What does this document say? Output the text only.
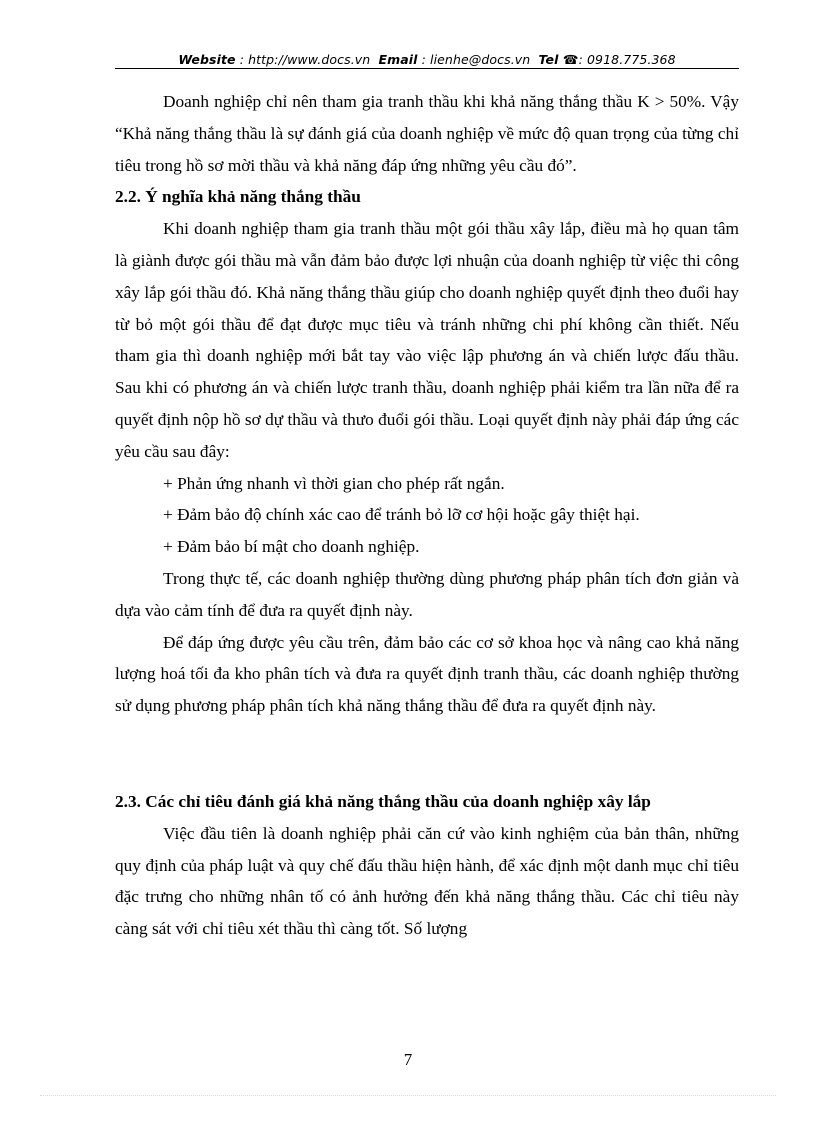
Website : http://www.docs.vn Email : lienhe@docs.vn Tel ☎: 0918.775.368

Doanh nghiệp chỉ nên tham gia tranh thầu khi khả năng thắng thầu K > 50%. Vậy “Khả năng thắng thầu là sự đánh giá của doanh nghiệp về mức độ quan trọng của từng chỉ tiêu trong hồ sơ mời thầu và khả năng đáp ứng những yêu cầu đó”.

2.2. Ý nghĩa khả năng thắng thầu

Khi doanh nghiệp tham gia tranh thầu một gói thầu xây lắp, điều mà họ quan tâm là giành được gói thầu mà vẫn đảm bảo được lợi nhuận của doanh nghiệp từ việc thi công xây lắp gói thầu đó. Khả năng thắng thầu giúp cho doanh nghiệp quyết định theo đuổi hay từ bỏ một gói thầu để đạt được mục tiêu và tránh những chi phí không cần thiết. Nếu tham gia thì doanh nghiệp mới bắt tay vào việc lập phương án và chiến lược đấu thầu. Sau khi có phương án và chiến lược tranh thầu, doanh nghiệp phải kiểm tra lần nữa để ra quyết định nộp hồ sơ dự thầu và thưo đuổi gói thầu. Loại quyết định này phải đáp ứng các yêu cầu sau đây:

+ Phản ứng nhanh vì thời gian cho phép rất ngắn.

+ Đảm bảo độ chính xác cao để tránh bỏ lỡ cơ hội hoặc gây thiệt hại.

+ Đảm bảo bí mật cho doanh nghiệp.

Trong thực tế, các doanh nghiệp thường dùng phương pháp phân tích đơn giản và dựa vào cảm tính để đưa ra quyết định này.

Để đáp ứng được yêu cầu trên, đảm bảo các cơ sở khoa học và nâng cao khả năng lượng hoá tối đa kho phân tích và đưa ra quyết định tranh thầu, các doanh nghiệp thường sử dụng phương pháp phân tích khả năng thắng thầu để đưa ra quyết định này.

2.3. Các chỉ tiêu đánh giá khả năng thắng thầu của doanh nghiệp xây lắp

Việc đầu tiên là doanh nghiệp phải căn cứ vào kinh nghiệm của bản thân, những quy định của pháp luật và quy chế đấu thầu hiện hành, để xác định một danh mục chỉ tiêu đặc trưng cho những nhân tố có ảnh hưởng đến khả năng thắng thầu. Các chỉ tiêu này càng sát với chỉ tiêu xét thầu thì càng tốt. Số lượng

7
